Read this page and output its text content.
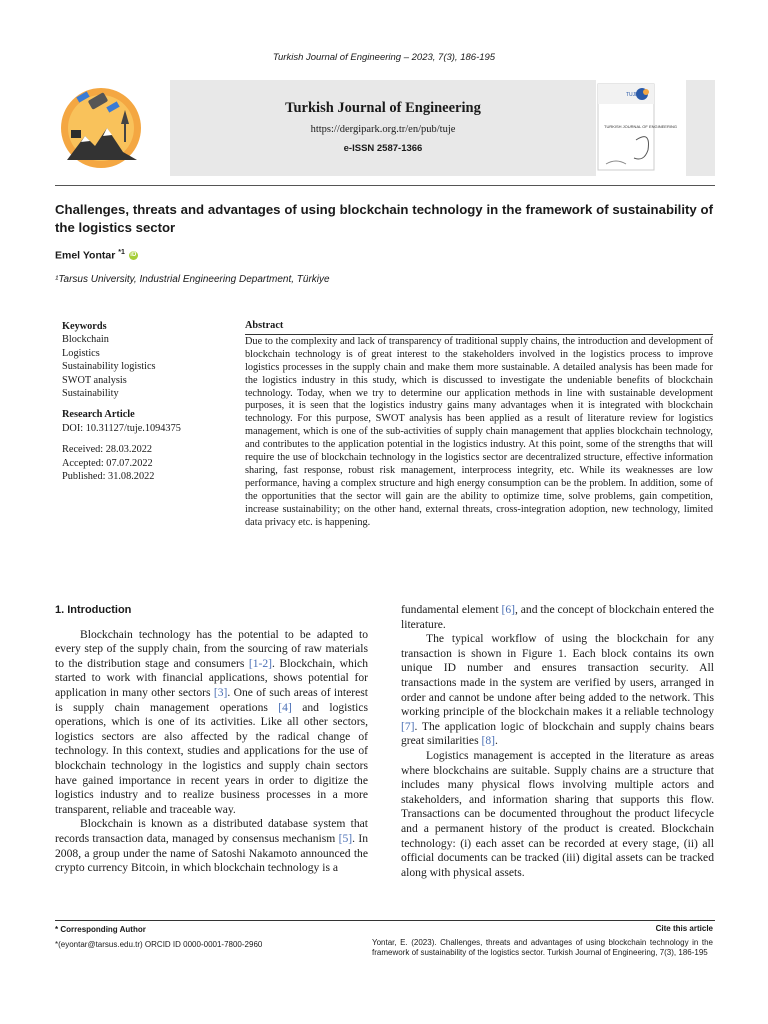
Turkish Journal of Engineering – 2023, 7(3), 186-195
TURKISH JOURNAL OF ENGINEERING
TUJE
Turkish Journal of Engineering
https://dergipark.org.tr/en/pub/tuje
e-ISSN 2587-1366
Challenges, threats and advantages of using blockchain technology in the framework of sustainability of the logistics sector
Emel Yontar $^{*1}$ iD
¹Tarsus University, Industrial Engineering Department, Türkiye
Keywords
Blockchain
Logistics
Sustainability logistics
SWOT analysis
Sustainability
Research Article
DOI: 10.31127/tuje.1094375
Received: 28.03.2022
Accepted: 07.07.2022
Published: 31.08.2022
Abstract
Due to the complexity and lack of transparency of traditional supply chains, the introduction and development of blockchain technology is of great interest to the stakeholders involved in the logistics process to improve logistics processes in the supply chain and make them more sustainable. A detailed analysis has been made for the logistics industry in this study, which is discussed to investigate the undeniable benefits of blockchain technology. Today, when we try to determine our application methods in line with sustainable development purposes, it is seen that the logistics industry gains many advantages when it is integrated with blockchain technology. For this purpose, SWOT analysis has been applied as a result of literature review for logistics management, which is one of the sub-activities of supply chain management that applies blockchain technology, and contributes to the application potential in the logistics industry. At this point, some of the strengths that will require the use of blockchain technology in the logistics sector are decentralized structure, effective information sharing, fast response, robust risk management, interprocess integrity, etc. While its weaknesses are low performance, having a complex structure and high energy consumption can be the problem. In addition, some of the opportunities that the sector will gain are the ability to optimize time, solve problems, gain competition, increase sustainability; on the other hand, external threats, cross-integration adoption, new technology, limited data privacy etc. is happening.
1. Introduction

Blockchain technology has the potential to be adapted to every step of the supply chain, from the sourcing of raw materials to the distribution stage and consumers [1-2]. Blockchain, which started to work with financial applications, shows potential for application in many other sectors [3]. One of such areas of interest is supply chain management operations [4] and logistics operations, which is one of its activities. Like all other sectors, logistics sectors are also affected by the radical change of technology. In this context, studies and applications for the use of blockchain technology in the logistics and supply chain sectors have gained importance in recent years in order to digitize the logistics industry and to realize business processes in a more transparent, reliable and traceable way.

Blockchain is known as a distributed database system that records transaction data, managed by consensus mechanism [5]. In 2008, a group under the name of Satoshi Nakamoto announced the crypto currency Bitcoin, in which blockchain technology is a

fundamental element [6], and the concept of blockchain entered the literature.

The typical workflow of using the blockchain for any transaction is shown in Figure 1. Each block contains its own unique ID number and ensures transaction security. All transactions made in the system are verified by users, arranged in order and cannot be undone after being added to the network. This working principle of the blockchain makes it a reliable technology [7]. The application logic of blockchain and supply chains bears great similarities [8].

Logistics management is accepted in the literature as areas where blockchains are suitable. Supply chains are a structure that includes many physical flows involving multiple actors and stakeholders, and information sharing that supports this flow. Transactions can be documented throughout the product lifecycle and a permanent history of the product is created. Blockchain technology: (i) each asset can be recorded at every stage, (ii) all official documents can be tracked (iii) digital assets can be tracked along with physical assets.

* Corresponding Author
*(eyontar@tarsus.edu.tr) ORCID ID 0000-0001-7800-2960
Cite this article
Yontar, E. (2023). Challenges, threats and advantages of using blockchain technology in the framework of sustainability of the logistics sector. Turkish Journal of Engineering, 7(3), 186-195
